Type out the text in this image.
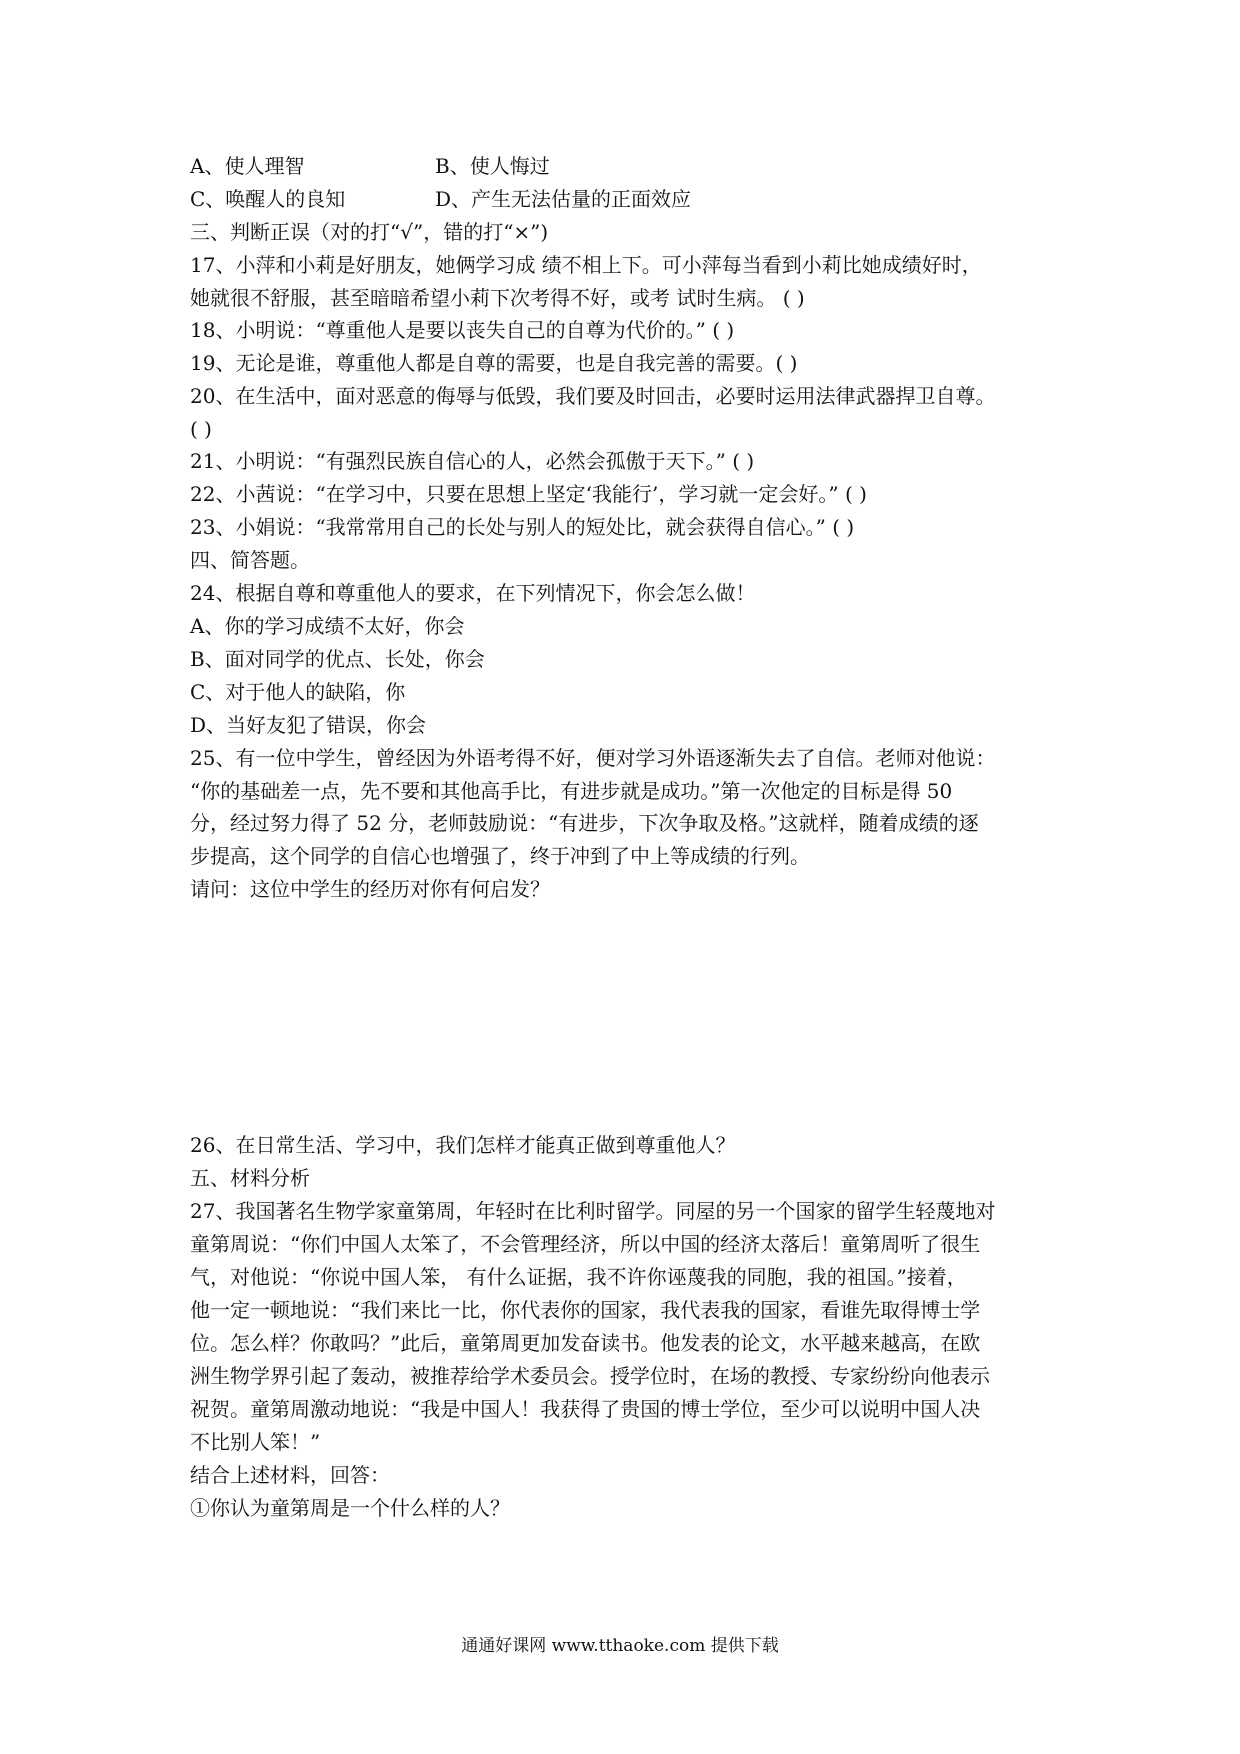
A、使人理智	B、使人悔过
C、唤醒人的良知	D、产生无法估量的正面效应
三、判断正误（对的打“√”，错的打“×”)
17、小萍和小莉是好朋友，她俩学习成 绩不相上下。可小萍每当看到小莉比她成绩好时，
她就很不舒服，甚至暗暗希望小莉下次考得不好，或考 试时生病。 ( )
18、小明说：“尊重他人是要以丧失自己的自尊为代价的。” ( )
19、无论是谁，尊重他人都是自尊的需要，也是自我完善的需要。( )
20、在生活中，面对恶意的侮辱与低毁，我们要及时回击，必要时运用法律武器捍卫自尊。
( )
21、小明说：“有强烈民族自信心的人，必然会孤傲于天下。” ( )
22、小茜说：“在学习中，只要在思想上坚定‘我能行’，学习就一定会好。” ( )
23、小娟说：“我常常用自己的长处与别人的短处比，就会获得自信心。” ( )
四、简答题。
24、根据自尊和尊重他人的要求，在下列情况下，你会怎么做！
A、你的学习成绩不太好，你会
B、面对同学的优点、长处，你会
C、对于他人的缺陷，你
D、当好友犯了错误，你会
25、有一位中学生，曾经因为外语考得不好，便对学习外语逐渐失去了自信。老师对他说：
“你的基础差一点，先不要和其他高手比，有进步就是成功。”第一次他定的目标是得 50
分，经过努力得了 52 分，老师鼓励说：“有进步，下次争取及格。”这就样，随着成绩的逐
步提高，这个同学的自信心也增强了，终于冲到了中上等成绩的行列。
请问：这位中学生的经历对你有何启发？
26、在日常生活、学习中，我们怎样才能真正做到尊重他人？
五、材料分析
27、我国著名生物学家童第周，年轻时在比利时留学。同屋的另一个国家的留学生轻蔑地对
童第周说：“你们中国人太笨了，不会管理经济，所以中国的经济太落后！童第周听了很生
气，对他说：“你说中国人笨， 有什么证据，我不许你诬蔑我的同胞，我的祖国。”接着，
他一定一顿地说：“我们来比一比，你代表你的国家，我代表我的国家，看谁先取得博士学
位。怎么样？你敢吗？”此后，童第周更加发奋读书。他发表的论文，水平越来越高，在欧
洲生物学界引起了轰动，被推荐给学术委员会。授学位时，在场的教授、专家纷纷向他表示
祝贺。童第周激动地说：“我是中国人！我获得了贵国的博士学位，至少可以说明中国人决
不比别人笨！”
结合上述材料，回答：
①你认为童第周是一个什么样的人？
通通好课网 www.tthaoke.com 提供下载
